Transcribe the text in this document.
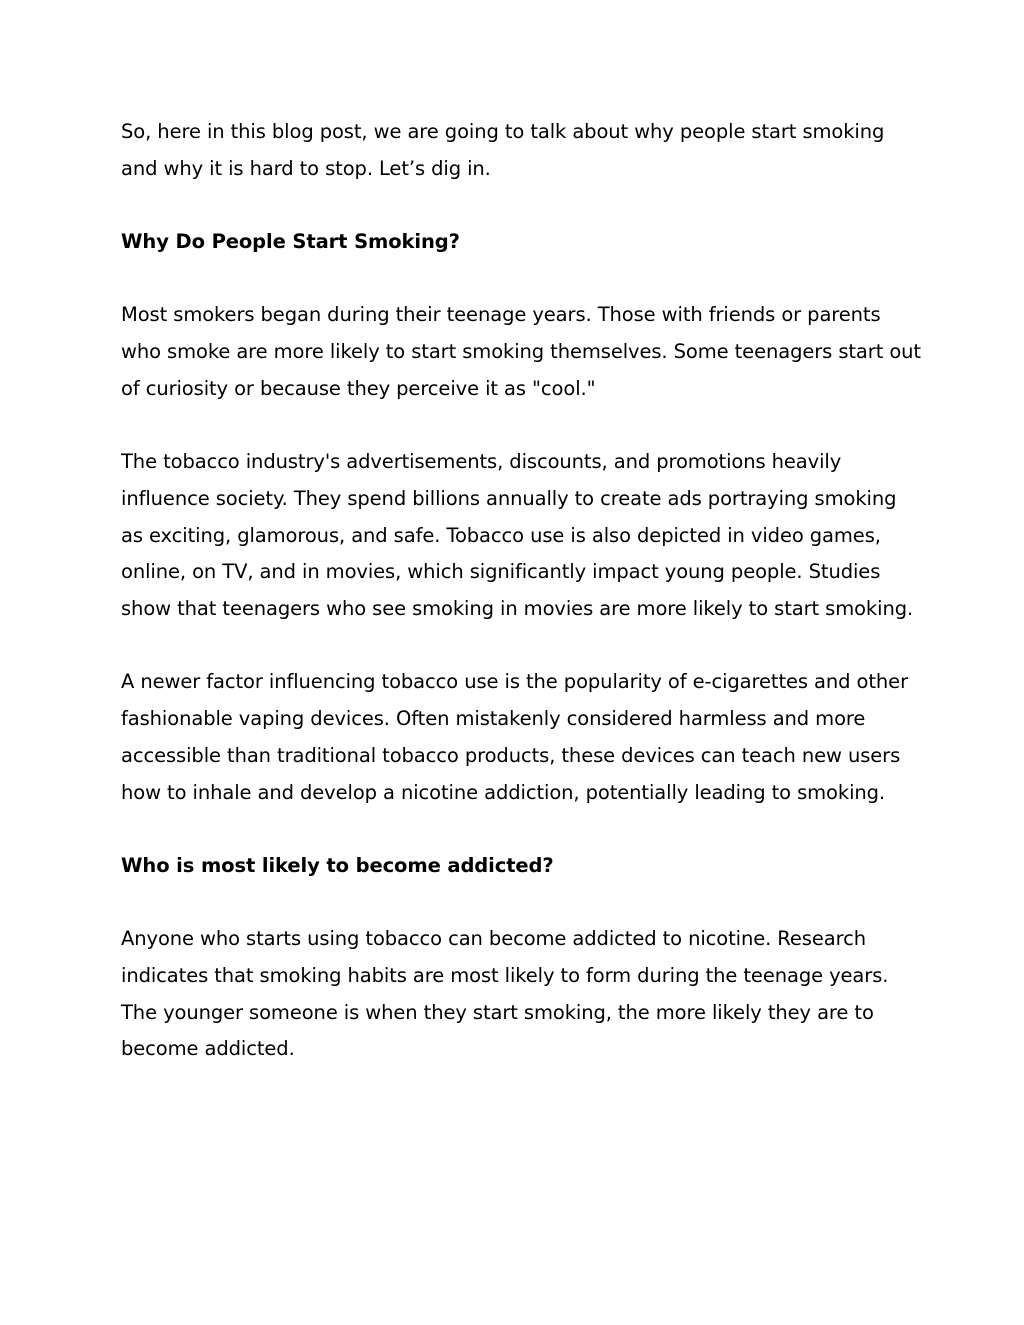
So, here in this blog post, we are going to talk about why people start smoking and why it is hard to stop. Let’s dig in.

Why Do People Start Smoking?

Most smokers began during their teenage years. Those with friends or parents who smoke are more likely to start smoking themselves. Some teenagers start out of curiosity or because they perceive it as "cool."

The tobacco industry's advertisements, discounts, and promotions heavily influence society. They spend billions annually to create ads portraying smoking as exciting, glamorous, and safe. Tobacco use is also depicted in video games, online, on TV, and in movies, which significantly impact young people. Studies show that teenagers who see smoking in movies are more likely to start smoking.

A newer factor influencing tobacco use is the popularity of e-cigarettes and other fashionable vaping devices. Often mistakenly considered harmless and more accessible than traditional tobacco products, these devices can teach new users how to inhale and develop a nicotine addiction, potentially leading to smoking.

Who is most likely to become addicted?

Anyone who starts using tobacco can become addicted to nicotine. Research indicates that smoking habits are most likely to form during the teenage years. The younger someone is when they start smoking, the more likely they are to become addicted.
